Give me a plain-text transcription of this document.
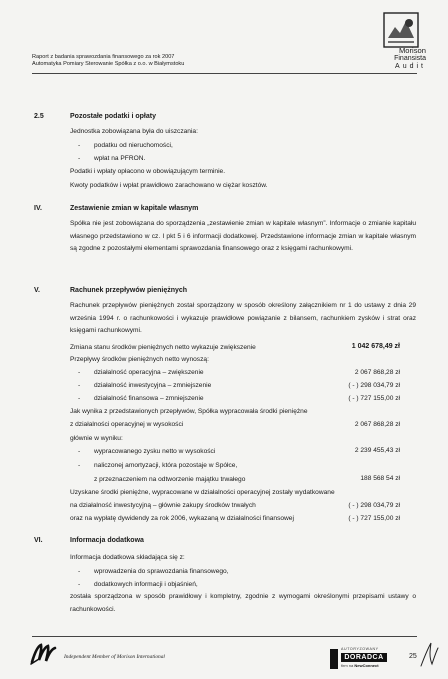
Raport z badania sprawozdania finansowego za rok 2007
Automatyka Pomiary Sterowanie Spółka z o.o. w Białymstoku
Morison
Finansista
Audit
2.5	Pozostałe podatki i opłaty
Jednostka zobowiązana była do uiszczania:
- podatku od nieruchomości,
- wpłat na PFRON.
Podatki i wpłaty opłacono w obowiązującym terminie.
Kwoty podatków i wpłat prawidłowo zarachowano w ciężar kosztów.
IV.	Zestawienie zmian w kapitale własnym
Spółka nie jest zobowiązana do sporządzenia „zestawienie zmian w kapitale własnym”. Informacje o zmianie kapitału własnego przedstawiono w cz. I pkt 5 i 6 informacji dodatkowej. Przedstawione informacje zmian w kapitale własnym są zgodne z pozostałymi elementami sprawozdania finansowego oraz z księgami rachunkowymi.
V.	Rachunek przepływów pieniężnych
Rachunek przepływów pieniężnych został sporządzony w sposób określony załącznikiem nr 1 do ustawy z dnia 29 września 1994 r. o rachunkowości i wykazuje prawidłowe powiązanie z bilansem, rachunkiem zysków i strat oraz księgami rachunkowymi.
Zmiana stanu środków pieniężnych netto wykazuje zwiększenie	1 042 678,49 zł
Przepływy środków pieniężnych netto wynoszą:
- działalność operacyjna – zwiększenie	2 067 868,28 zł
- działalność inwestycyjna – zmniejszenie	( - ) 298 034,79 zł
- działalność finansowa – zmniejszenie	( - ) 727 155,00 zł
Jak wynika z przedstawionych przepływów, Spółka wypracowała środki pieniężne
z działalności operacyjnej w wysokości	2 067 868,28 zł
głównie w wyniku:
- wypracowanego zysku netto w wysokości	2 239 455,43 zł
- naliczonej amortyzacji, która pozostaje w Spółce,
z przeznaczeniem na odtworzenie majątku trwałego	188 568 54 zł
Uzyskane środki pieniężne, wypracowane w działalności operacyjnej zostały wydatkowane
na działalność inwestycyjną – głównie zakupy środków trwałych	( - ) 298 034,79 zł
oraz na wypłatę dywidendy za rok 2006, wykazaną w działalności finansowej	( - ) 727 155,00 zł
VI.	Informacja dodatkowa
Informacja dodatkowa składająca się z:
- wprowadzenia do sprawozdania finansowego,
- dodatkowych informacji i objaśnień,
została sporządzona w sposób prawidłowy i kompletny, zgodnie z wymogami określonymi przepisami ustawy o rachunkowości.
Independent Member of Morison International
AUTORYZOWANY
DORADCA
firm na NewConnect
25
